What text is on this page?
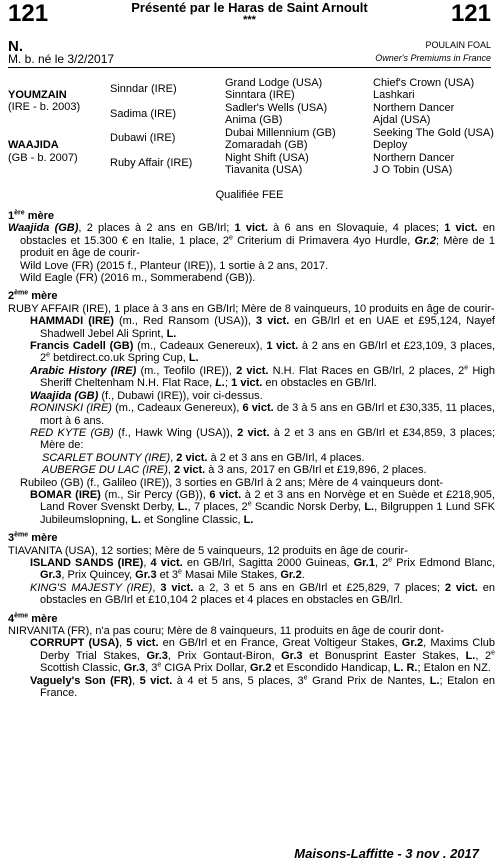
121	Présenté par le Haras de Saint Arnoult
***	121
N.
M. b. né le 3/2/2017
POULAIN FOAL
Owner's Premiums in France
YOUMZAIN
(IRE - b. 2003)
WAAJIDA
(GB - b. 2007)
Sinndar (IRE)
Sadima (IRE)
Dubawi (IRE)
Ruby Affair (IRE)
Grand Lodge (USA)
Sinntara (IRE)
Sadler's Wells (USA)
Anima (GB)
Dubai Millennium (GB)
Zomaradah (GB)
Night Shift (USA)
Tiavanita (USA)
Chief's Crown (USA)
Lashkari
Northern Dancer
Ajdal (USA)
Seeking The Gold (USA)
Deploy
Northern Dancer
J O Tobin (USA)
Qualifiée FEE
1ère mère

Waajida (GB), 2 places à 2 ans en GB/Irl; 1 vict. à 6 ans en Slovaquie, 4 places; 1 vict. en obstacles et 15.300 € en Italie, 1 place, 2e Criterium di Primavera 4yo Hurdle, Gr.2; Mère de 1 produit en âge de courir-

Wild Love (FR) (2015 f., Planteur (IRE)), 1 sortie à 2 ans, 2017.

Wild Eagle (FR) (2016 m., Sommerabend (GB)).

2ème mère

RUBY AFFAIR (IRE), 1 place à 3 ans en GB/Irl; Mère de 8 vainqueurs, 10 produits en âge de courir-

HAMMADI (IRE) (m., Red Ransom (USA)), 3 vict. en GB/Irl et en UAE et £95,124, Nayef Shadwell Jebel Ali Sprint, L.

Francis Cadell (GB) (m., Cadeaux Genereux), 1 vict. à 2 ans en GB/Irl et £23,109, 3 places, 2e betdirect.co.uk Spring Cup, L.

Arabic History (IRE) (m., Teofilo (IRE)), 2 vict. N.H. Flat Races en GB/Irl, 2 places, 2e High Sheriff Cheltenham N.H. Flat Race, L.; 1 vict. en obstacles en GB/Irl.

Waajida (GB) (f., Dubawi (IRE)), voir ci-dessus.

RONINSKI (IRE) (m., Cadeaux Genereux), 6 vict. de 3 à 5 ans en GB/Irl et £30,335, 11 places, mort à 6 ans.

RED KYTE (GB) (f., Hawk Wing (USA)), 2 vict. à 2 et 3 ans en GB/Irl et £34,859, 3 places; Mère de:

SCARLET BOUNTY (IRE), 2 vict. à 2 et 3 ans en GB/Irl, 4 places.

AUBERGE DU LAC (IRE), 2 vict. à 3 ans, 2017 en GB/Irl et £19,896, 2 places.

Rubileo (GB) (f., Galileo (IRE)), 3 sorties en GB/Irl à 2 ans; Mère de 4 vainqueurs dont-

BOMAR (IRE) (m., Sir Percy (GB)), 6 vict. à 2 et 3 ans en Norvège et en Suède et £218,905, Land Rover Svenskt Derby, L., 7 places, 2e Scandic Norsk Derby, L., Bilgruppen 1 Lund SFK Jubileumslopning, L. et Songline Classic, L.

3ème mère

TIAVANITA (USA), 12 sorties; Mère de 5 vainqueurs, 12 produits en âge de courir-

ISLAND SANDS (IRE), 4 vict. en GB/Irl, Sagitta 2000 Guineas, Gr.1, 2e Prix Edmond Blanc, Gr.3, Prix Quincey, Gr.3 et 3e Masai Mile Stakes, Gr.2.

KING'S MAJESTY (IRE), 3 vict. a 2, 3 et 5 ans en GB/Irl et £25,829, 7 places; 2 vict. en obstacles en GB/Irl et £10,104 2 places et 4 places en obstacles en GB/Irl.

4ème mère

NIRVANITA (FR), n'a pas couru; Mère de 8 vainqueurs, 11 produits en âge de courir dont-

CORRUPT (USA), 5 vict. en GB/Irl et en France, Great Voltigeur Stakes, Gr.2, Maxims Club Derby Trial Stakes, Gr.3, Prix Gontaut-Biron, Gr.3 et Bonusprint Easter Stakes, L., 2e Scottish Classic, Gr.3, 3e CIGA Prix Dollar, Gr.2 et Escondido Handicap, L. R.; Etalon en NZ.

Vaguely's Son (FR), 5 vict. à 4 et 5 ans, 5 places, 3e Grand Prix de Nantes, L.; Etalon en France.

Maisons-Laffitte - 3 nov . 2017
